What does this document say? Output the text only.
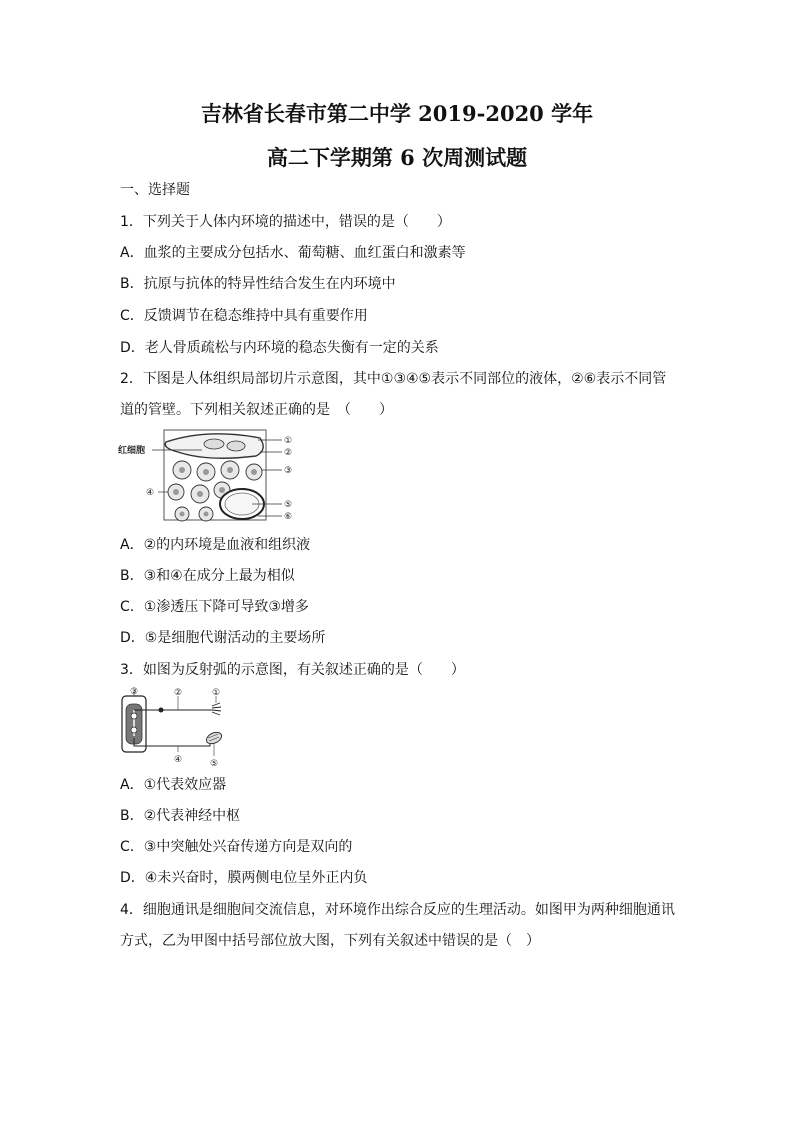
吉林省长春市第二中学 2019-2020 学年
高二下学期第 6 次周测试题
一、选择题
1．下列关于人体内环境的描述中，错误的是（　　）
A．血浆的主要成分包括水、葡萄糖、血红蛋白和激素等
B．抗原与抗体的特异性结合发生在内环境中
C．反馈调节在稳态维持中具有重要作用
D．老人骨质疏松与内环境的稳态失衡有一定的关系
2．下图是人体组织局部切片示意图，其中①③④⑤表示不同部位的液体，②⑥表示不同管
道的管壁。下列相关叙述正确的是　（　　）
红细胞
①
②
③
④
⑤
⑥
A．②的内环境是血液和组织液
B．③和④在成分上最为相似
C．①渗透压下降可导致③增多
D．⑤是细胞代谢活动的主要场所
3．如图为反射弧的示意图，有关叙述正确的是（　　）
③	②	①
④	⑤
A．①代表效应器
B．②代表神经中枢
C．③中突触处兴奋传递方向是双向的
D．④未兴奋时，膜两侧电位呈外正内负
4．细胞通讯是细胞间交流信息，对环境作出综合反应的生理活动。如图甲为两种细胞通讯
方式，乙为甲图中括号部位放大图，下列有关叙述中错误的是（　）
